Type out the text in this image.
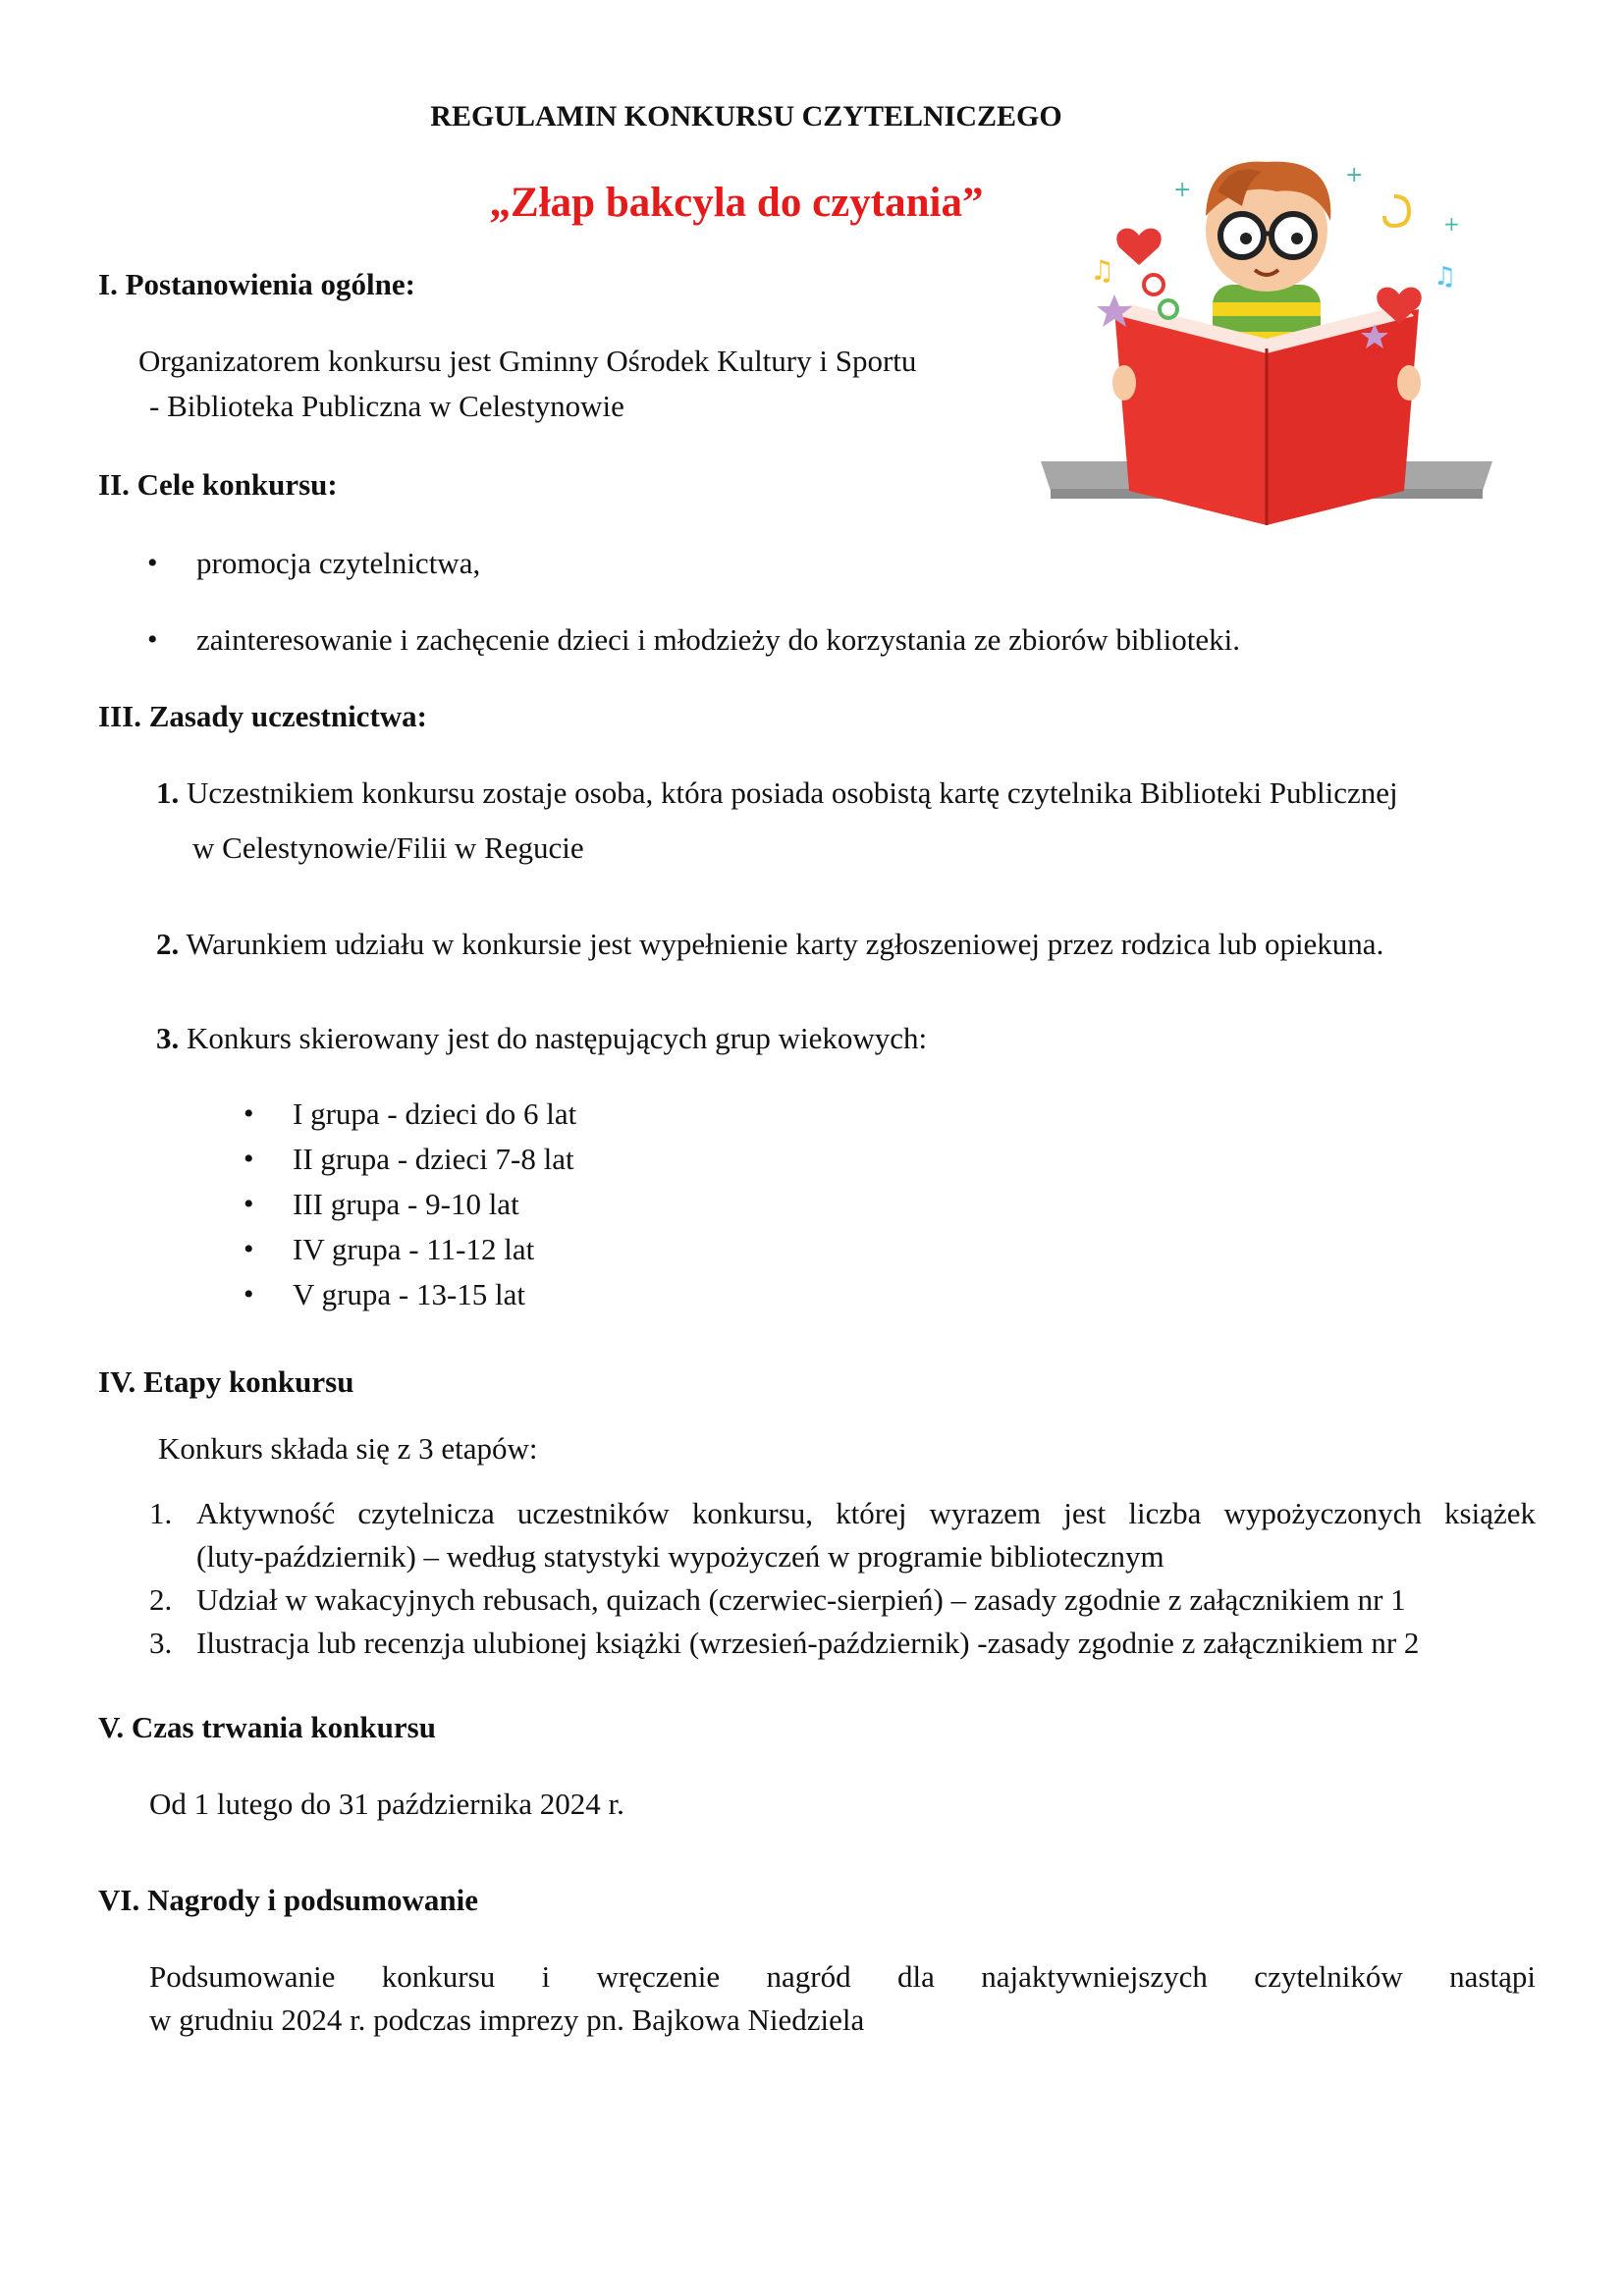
REGULAMIN KONKURSU CZYTELNICZEGO
„Złap bakcyla do czytania”
♫	♫
+
+
+
I. Postanowienia ogólne:
Organizatorem konkursu jest Gminny Ośrodek Kultury i Sportu
- Biblioteka Publiczna w Celestynowie
II. Cele konkursu:
• promocja czytelnictwa,
• zainteresowanie i zachęcenie dzieci i młodzieży do korzystania ze zbiorów biblioteki.
III. Zasady uczestnictwa:
1. Uczestnikiem konkursu zostaje osoba, która posiada osobistą kartę czytelnika Biblioteki Publicznej
w Celestynowie/Filii w Regucie
2. Warunkiem udziału w konkursie jest wypełnienie karty zgłoszeniowej przez rodzica lub opiekuna.
3. Konkurs skierowany jest do następujących grup wiekowych:
• I grupa - dzieci do 6 lat
• II grupa - dzieci 7-8 lat
• III grupa - 9-10 lat
• IV grupa - 11-12 lat
• V grupa - 13-15 lat
IV. Etapy konkursu
Konkurs składa się z 3 etapów:
1. Aktywność czytelnicza uczestników konkursu, której wyrazem jest liczba wypożyczonych książek
(luty-październik) – według statystyki wypożyczeń w programie bibliotecznym
2. Udział w wakacyjnych rebusach, quizach (czerwiec-sierpień) – zasady zgodnie z załącznikiem nr 1
3. Ilustracja lub recenzja ulubionej książki (wrzesień-październik) -zasady zgodnie z załącznikiem nr 2
V. Czas trwania konkursu
Od 1 lutego do 31 października 2024 r.
VI. Nagrody i podsumowanie
Podsumowanie konkursu i wręczenie nagród dla najaktywniejszych czytelników nastąpi
w grudniu 2024 r. podczas imprezy pn. Bajkowa Niedziela
